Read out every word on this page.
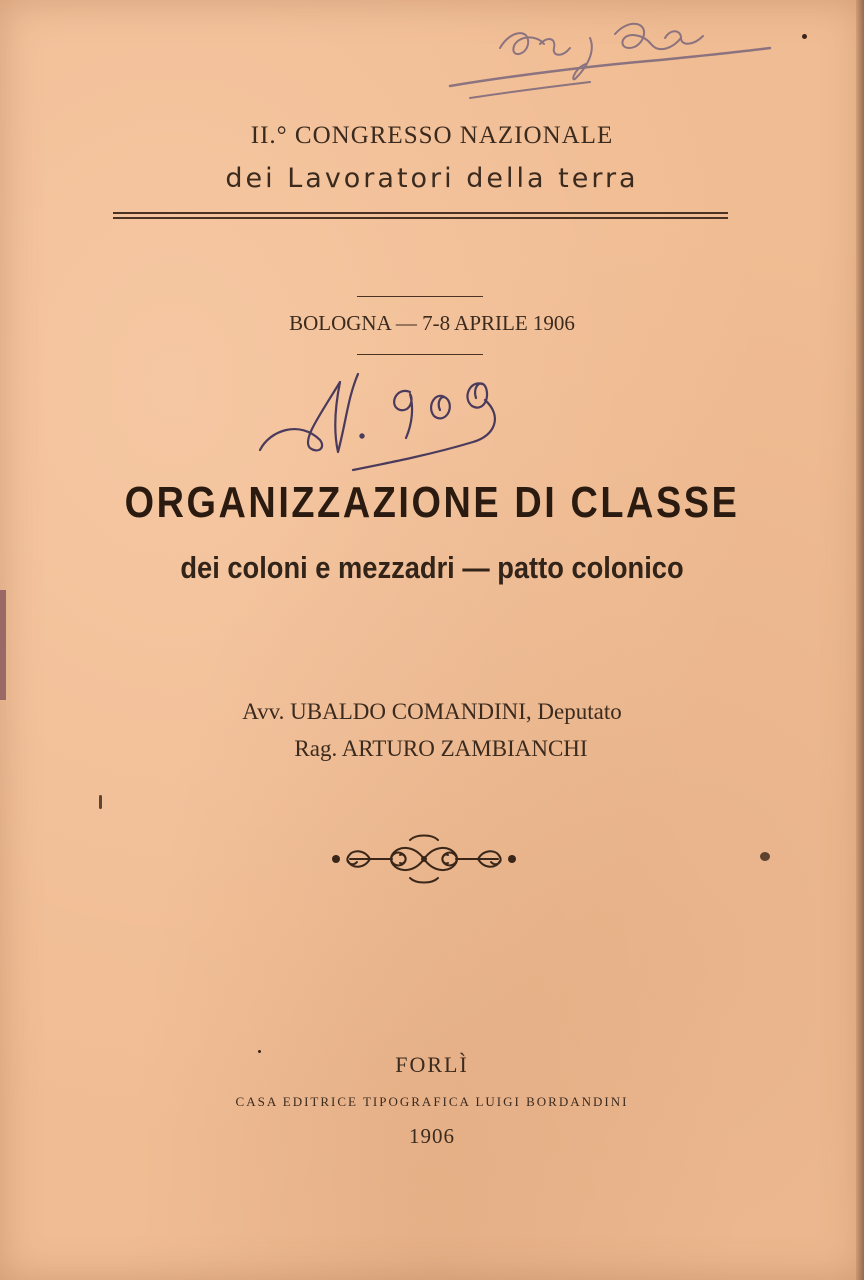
II.° CONGRESSO NAZIONALE
dei Lavoratori della terra
BOLOGNA — 7-8 APRILE 1906
ORGANIZZAZIONE DI CLASSE
dei coloni e mezzadri — patto colonico
Avv. UBALDO COMANDINI, Deputato
Rag. ARTURO ZAMBIANCHI
FORLÌ
CASA EDITRICE TIPOGRAFICA LUIGI BORDANDINI
1906
